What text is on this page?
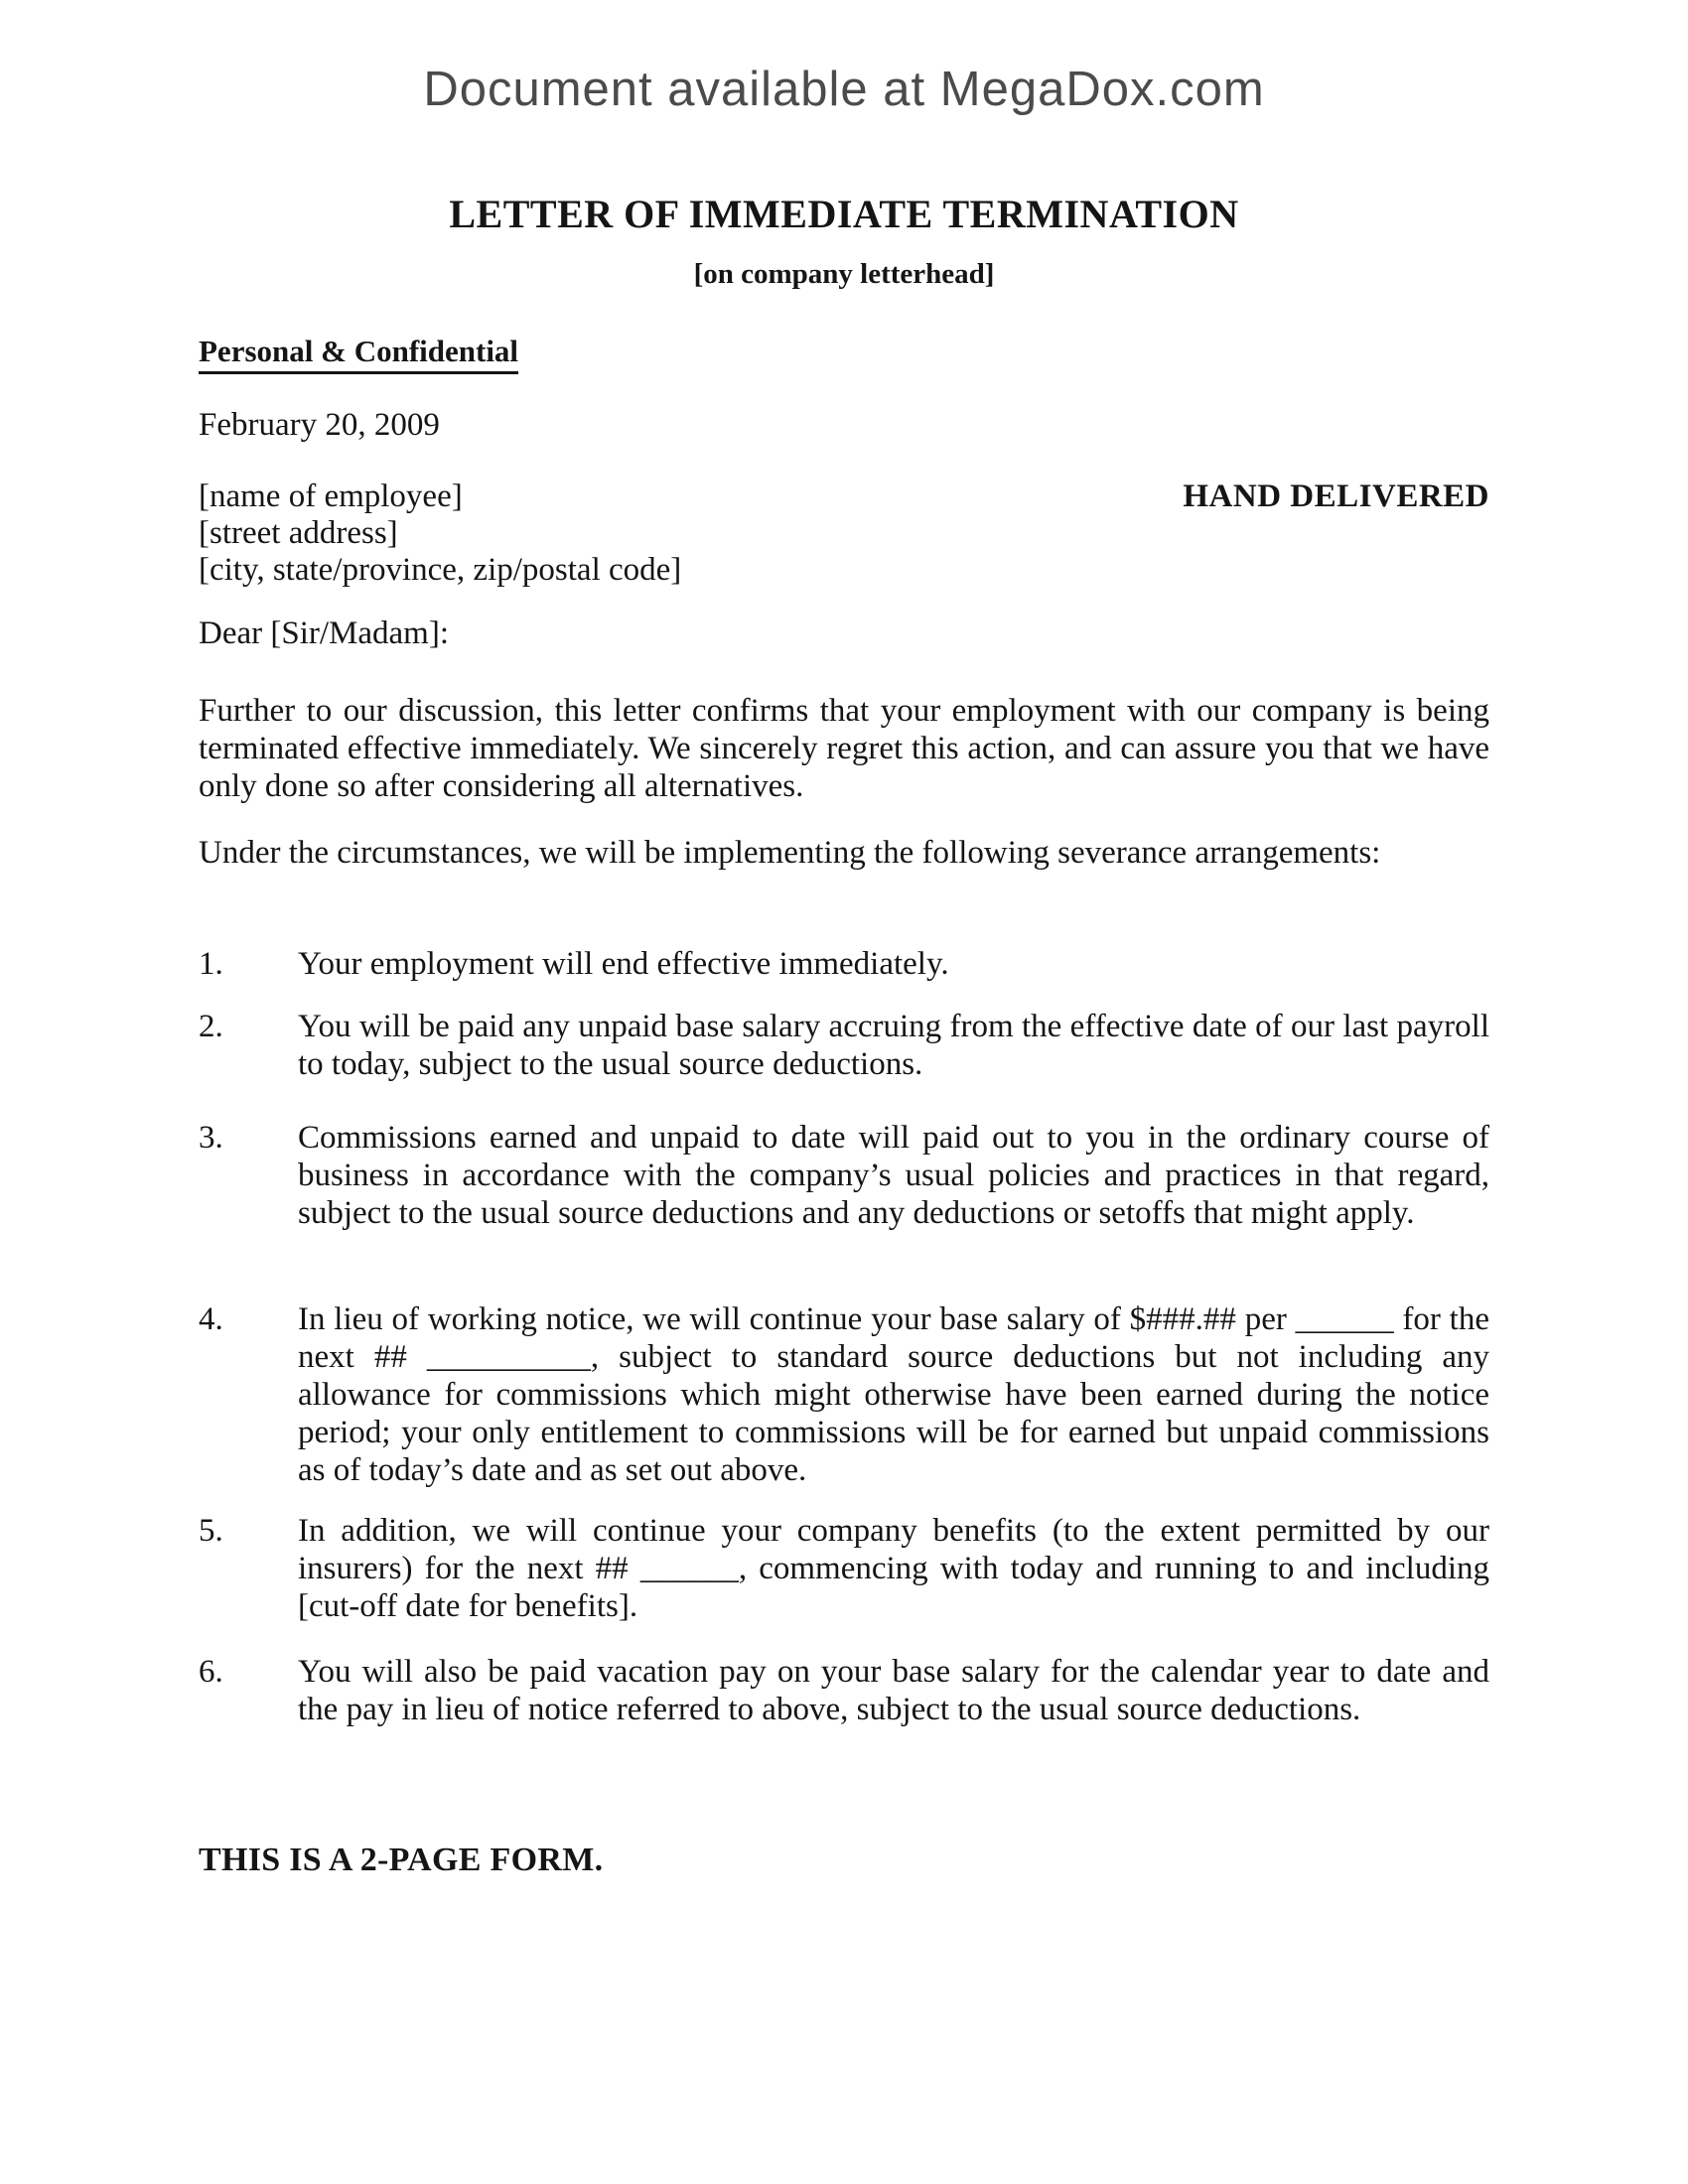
Document available at MegaDox.com
LETTER OF IMMEDIATE TERMINATION
[on company letterhead]
Personal & Confidential
February 20, 2009
[name of employee]
[street address]
[city, state/province, zip/postal code]
HAND DELIVERED
Dear [Sir/Madam]:
Further to our discussion, this letter confirms that your employment with our company is being terminated effective immediately. We sincerely regret this action, and can assure you that we have only done so after considering all alternatives.
Under the circumstances, we will be implementing the following severance arrangements:
1.	Your employment will end effective immediately.
2.	You will be paid any unpaid base salary accruing from the effective date of our last payroll to today, subject to the usual source deductions.
3.	Commissions earned and unpaid to date will paid out to you in the ordinary course of business in accordance with the company’s usual policies and practices in that regard, subject to the usual source deductions and any deductions or setoffs that might apply.
4.	In lieu of working notice, we will continue your base salary of $###.## per ______ for the next ## __________, subject to standard source deductions but not including any allowance for commissions which might otherwise have been earned during the notice period; your only entitlement to commissions will be for earned but unpaid commissions as of today’s date and as set out above.
5.	In addition, we will continue your company benefits (to the extent permitted by our insurers) for the next ## ______, commencing with today and running to and including [cut-off date for benefits].
6.	You will also be paid vacation pay on your base salary for the calendar year to date and the pay in lieu of notice referred to above, subject to the usual source deductions.
THIS IS A 2-PAGE FORM.
